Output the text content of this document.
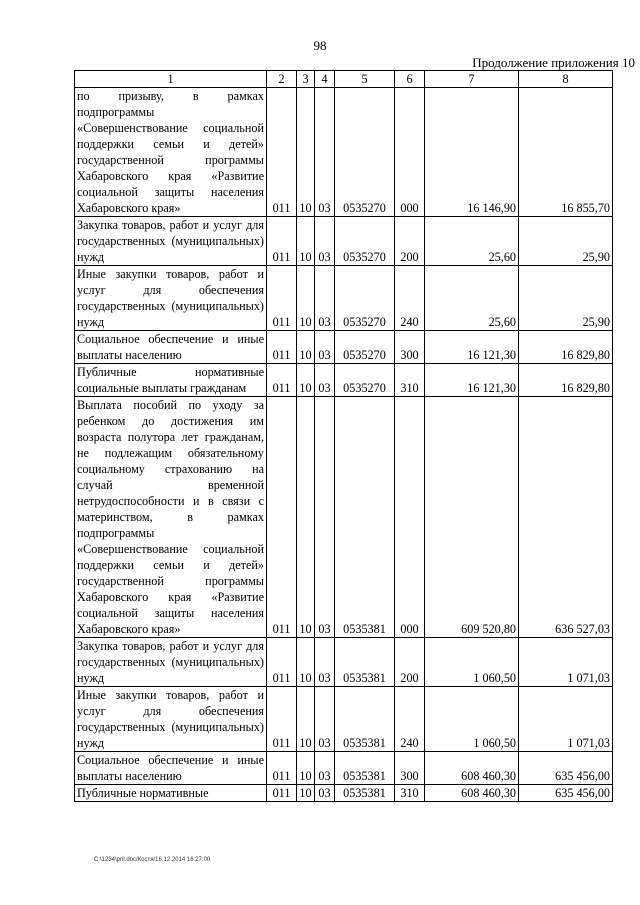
98
Продолжение приложения 10
1	2	3	4	5	6	7	8
по призыву, в рамках подпрограммы «Совершенствование социальной поддержки семьи и детей» государственной программы Хабаровского края «Развитие социальной защиты населения Хабаровского края»	011	10	03	0535270	000	16 146,90	16 855,70
Закупка товаров, работ и услуг для государственных (муниципальных) нужд	011	10	03	0535270	200	25,60	25,90
Иные закупки товаров, работ и услуг для обеспечения государственных (муниципальных) нужд	011	10	03	0535270	240	25,60	25,90
Социальное обеспечение и иные выплаты населению	011	10	03	0535270	300	16 121,30	16 829,80
Публичные нормативные социальные выплаты гражданам	011	10	03	0535270	310	16 121,30	16 829,80
Выплата пособий по уходу за ребенком до достижения им возраста полутора лет гражданам, не подлежащим обязательному социальному страхованию на случай временной нетрудоспособности и в связи с материнством, в рамках подпрограммы «Совершенствование социальной поддержки семьи и детей» государственной программы Хабаровского края «Развитие социальной защиты населения Хабаровского края»	011	10	03	0535381	000	609 520,80	636 527,03
Закупка товаров, работ и услуг для государственных (муниципальных) нужд	011	10	03	0535381	200	1 060,50	1 071,03
Иные закупки товаров, работ и услуг для обеспечения государственных (муниципальных) нужд	011	10	03	0535381	240	1 060,50	1 071,03
Социальное обеспечение и иные выплаты населению	011	10	03	0535381	300	608 460,30	635 456,00
Публичные нормативные	011	10	03	0535381	310	608 460,30	635 456,00
C:\1234\pril.doc/Костя/16.12.2014 16:27:00
